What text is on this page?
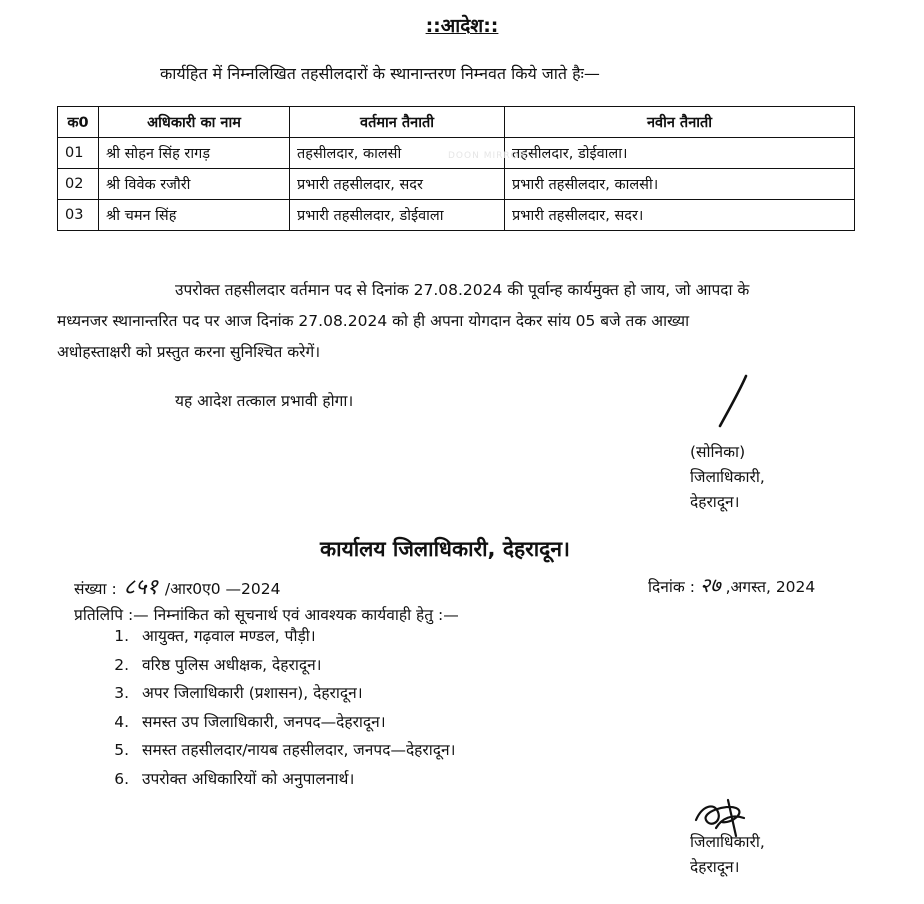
::आदेश::
कार्यहित में निम्नलिखित तहसीलदारों के स्थानान्तरण निम्नवत किये जाते हैः—
क0	अधिकारी का नाम	वर्तमान तैनाती	नवीन तैनाती
01	श्री सोहन सिंह रागड़	तहसीलदार, कालसी	तहसीलदार, डोईवाला।
02	श्री विवेक रजौरी	प्रभारी तहसीलदार, सदर	प्रभारी तहसीलदार, कालसी।
03	श्री चमन सिंह	प्रभारी तहसीलदार, डोईवाला	प्रभारी तहसीलदार, सदर।
DOON MIRROR
उपरोक्त तहसीलदार वर्तमान पद से दिनांक 27.08.2024 की पूर्वान्ह कार्यमुक्त हो जाय, जो आपदा के
मध्यनजर स्थानान्तरित पद पर आज दिनांक 27.08.2024 को ही अपना योगदान देकर सांय 05 बजे तक आख्या
अधोहस्ताक्षरी को प्रस्तुत करना सुनिश्चित करेगें।
यह आदेश तत्काल प्रभावी होगा।
(सोनिका)
जिलाधिकारी,
देहरादून।
कार्यालय जिलाधिकारी, देहरादून।
संख्या : ८५१ /आर0ए0 —2024	दिनांक : २७ ,अगस्त, 2024
प्रतिलिपि :— निम्नांकित को सूचनार्थ एवं आवश्यक कार्यवाही हेतु :—
1. आयुक्त, गढ़वाल मण्डल, पौड़ी।
2. वरिष्ठ पुलिस अधीक्षक, देहरादून।
3. अपर जिलाधिकारी (प्रशासन), देहरादून।
4. समस्त उप जिलाधिकारी, जनपद—देहरादून।
5. समस्त तहसीलदार/नायब तहसीलदार, जनपद—देहरादून।
6. उपरोक्त अधिकारियों को अनुपालनार्थ।
जिलाधिकारी,
देहरादून।
